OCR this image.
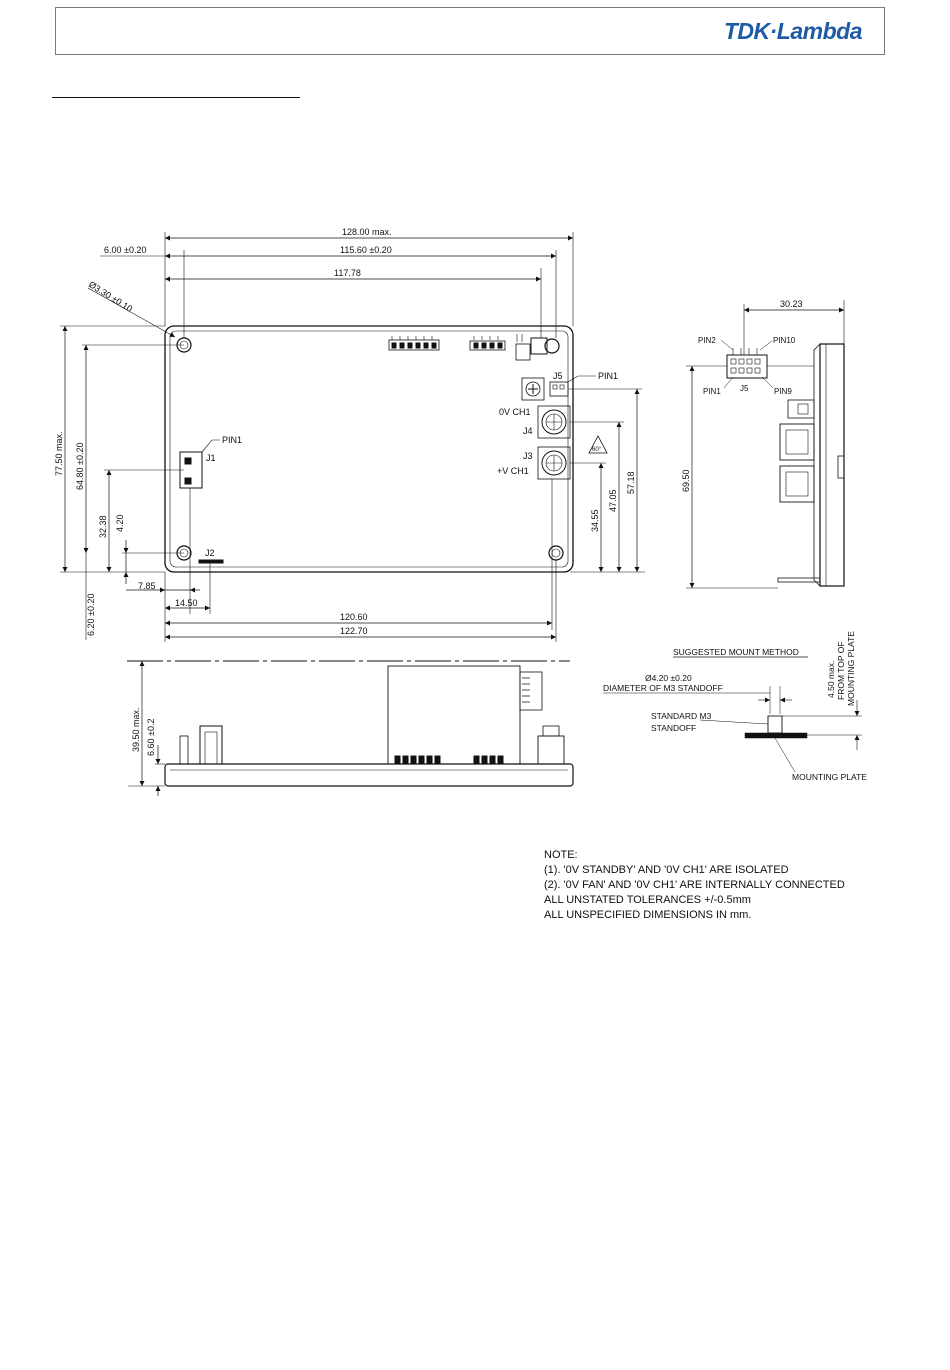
TDK·Lambda
128.00 max.
115.60 ±0.20
6.00 ±0.20
117.78
Ø3.30 ±0.10
77.50 max. 64.80 ±0.20
32.38 4.20
7.85
14.50
6.20 ±0.20	120.60
122.70
34.55
47.05
57.18
PIN1
J1
J2
J5	PIN1
0V CH1
J4
J3
+V CH1
60°
30.23
69.50
PIN2	PIN10
PIN1 J5	PIN9
39.50 max. 6.60 ±0.2
SUGGESTED MOUNT METHOD
Ø4.20 ±0.20
DIAMETER OF M3 STANDOFF
STANDARD M3
STANDOFF
MOUNTING PLATE
4.50 max. FROM TOP OF MOUNTING PLATE
NOTE:
(1). '0V STANDBY' AND '0V CH1' ARE ISOLATED
(2). '0V FAN' AND '0V CH1' ARE INTERNALLY CONNECTED
ALL UNSTATED TOLERANCES +/-0.5mm
ALL UNSPECIFIED DIMENSIONS IN mm.
